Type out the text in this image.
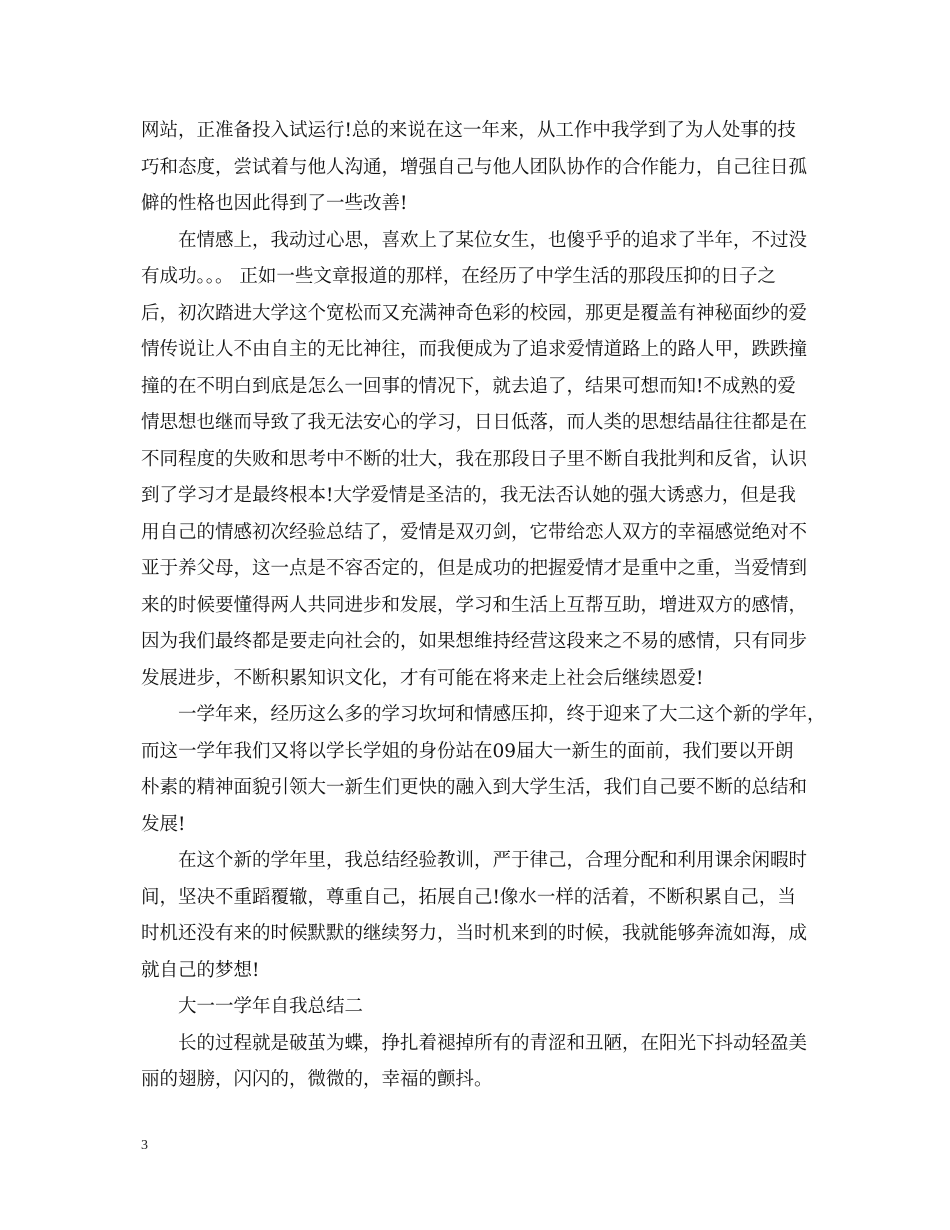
网站，正准备投入试运行!总的来说在这一年来，从工作中我学到了为人处事的技
巧和态度，尝试着与他人沟通，增强自己与他人团队协作的合作能力，自己往日孤
僻的性格也因此得到了一些改善!
在情感上，我动过心思，喜欢上了某位女生，也傻乎乎的追求了半年，不过没
有成功。。。 正如一些文章报道的那样，在经历了中学生活的那段压抑的日子之
后，初次踏进大学这个宽松而又充满神奇色彩的校园，那更是覆盖有神秘面纱的爱
情传说让人不由自主的无比神往，而我便成为了追求爱情道路上的路人甲，跌跌撞
撞的在不明白到底是怎么一回事的情况下，就去追了，结果可想而知!不成熟的爱
情思想也继而导致了我无法安心的学习，日日低落，而人类的思想结晶往往都是在
不同程度的失败和思考中不断的壮大，我在那段日子里不断自我批判和反省，认识
到了学习才是最终根本!大学爱情是圣洁的，我无法否认她的强大诱惑力，但是我
用自己的情感初次经验总结了，爱情是双刃剑，它带给恋人双方的幸福感觉绝对不
亚于养父母，这一点是不容否定的，但是成功的把握爱情才是重中之重，当爱情到
来的时候要懂得两人共同进步和发展，学习和生活上互帮互助，增进双方的感情，
因为我们最终都是要走向社会的，如果想维持经营这段来之不易的感情，只有同步
发展进步，不断积累知识文化，才有可能在将来走上社会后继续恩爱!
一学年来，经历这么多的学习坎坷和情感压抑，终于迎来了大二这个新的学年，
而这一学年我们又将以学长学姐的身份站在09届大一新生的面前，我们要以开朗
朴素的精神面貌引领大一新生们更快的融入到大学生活，我们自己要不断的总结和
发展!
在这个新的学年里，我总结经验教训，严于律己，合理分配和利用课余闲暇时
间，坚决不重蹈覆辙，尊重自己，拓展自己!像水一样的活着，不断积累自己，当
时机还没有来的时候默默的继续努力，当时机来到的时候，我就能够奔流如海，成
就自己的梦想!
大一一学年自我总结二
长的过程就是破茧为蝶，挣扎着褪掉所有的青涩和丑陋，在阳光下抖动轻盈美
丽的翅膀，闪闪的，微微的，幸福的颤抖。
3
